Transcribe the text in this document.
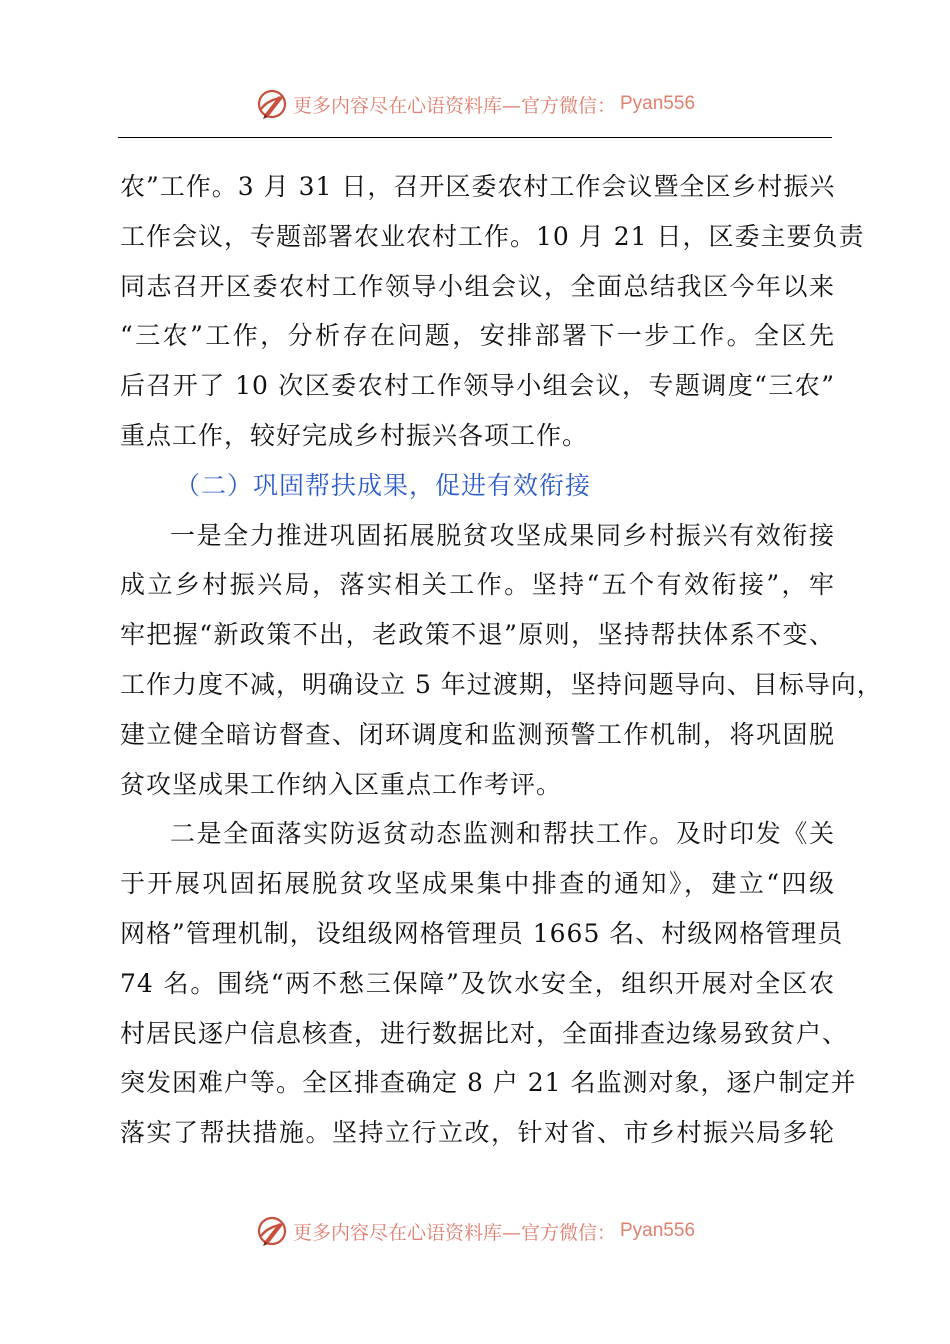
更多内容尽在心语资料库—官方微信： Pyan556
农”工作。3 月 31 日，召开区委农村工作会议暨全区乡村振兴
工作会议，专题部署农业农村工作。10 月 21 日，区委主要负责
同志召开区委农村工作领导小组会议，全面总结我区今年以来
“三农”工作，分析存在问题，安排部署下一步工作。全区先
后召开了 10 次区委农村工作领导小组会议，专题调度“三农”
重点工作，较好完成乡村振兴各项工作。
（二）巩固帮扶成果，促进有效衔接
一是全力推进巩固拓展脱贫攻坚成果同乡村振兴有效衔接
成立乡村振兴局，落实相关工作。坚持“五个有效衔接”，牢
牢把握“新政策不出，老政策不退”原则，坚持帮扶体系不变、
工作力度不减，明确设立 5 年过渡期，坚持问题导向、目标导向，
建立健全暗访督查、闭环调度和监测预警工作机制，将巩固脱
贫攻坚成果工作纳入区重点工作考评。
二是全面落实防返贫动态监测和帮扶工作。及时印发《关
于开展巩固拓展脱贫攻坚成果集中排查的通知》，建立“四级
网格”管理机制，设组级网格管理员 1665 名、村级网格管理员
74 名。围绕“两不愁三保障”及饮水安全，组织开展对全区农
村居民逐户信息核查，进行数据比对，全面排查边缘易致贫户、
突发困难户等。全区排查确定 8 户 21 名监测对象，逐户制定并
落实了帮扶措施。坚持立行立改，针对省、市乡村振兴局多轮
更多内容尽在心语资料库—官方微信： Pyan556
